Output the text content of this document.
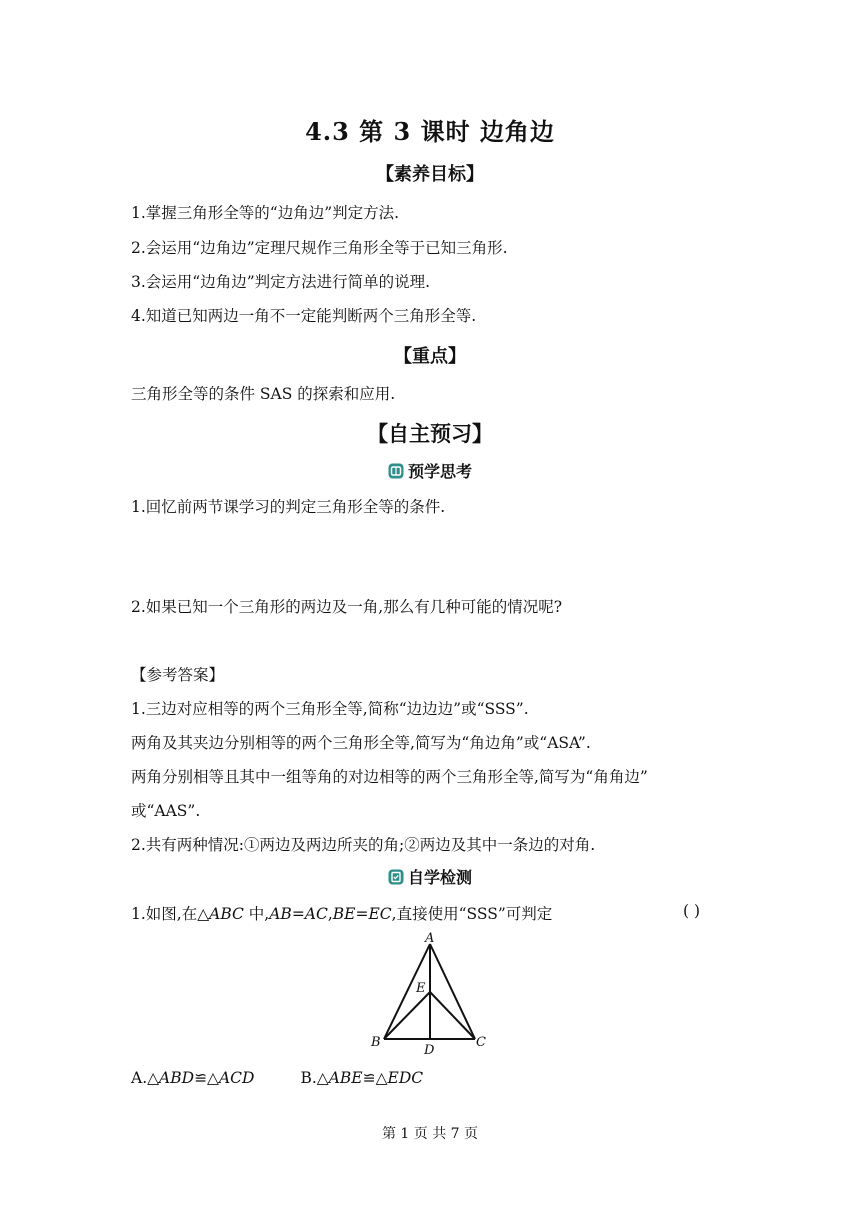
4.3 第 3 课时 边角边
【素养目标】
1.掌握三角形全等的“边角边”判定方法.
2.会运用“边角边”定理尺规作三角形全等于已知三角形.
3.会运用“边角边”判定方法进行简单的说理.
4.知道已知两边一角不一定能判断两个三角形全等.
【重点】
三角形全等的条件 SAS 的探索和应用.
【自主预习】
预学思考
1.回忆前两节课学习的判定三角形全等的条件.
2.如果已知一个三角形的两边及一角,那么有几种可能的情况呢?
【参考答案】
1.三边对应相等的两个三角形全等,简称“边边边”或“SSS”.
两角及其夹边分别相等的两个三角形全等,简写为“角边角”或“ASA”.
两角分别相等且其中一组等角的对边相等的两个三角形全等,简写为“角角边”
或“AAS”.
2.共有两种情况:①两边及两边所夹的角;②两边及其中一条边的对角.
自学检测
1.如图,在△ABC 中,AB=AC,BE=EC,直接使用“SSS”可判定	( )
A
B	C
D
E
A.△ABD≌△ACD	B.△ABE≌△EDC
第 1 页 共 7 页
